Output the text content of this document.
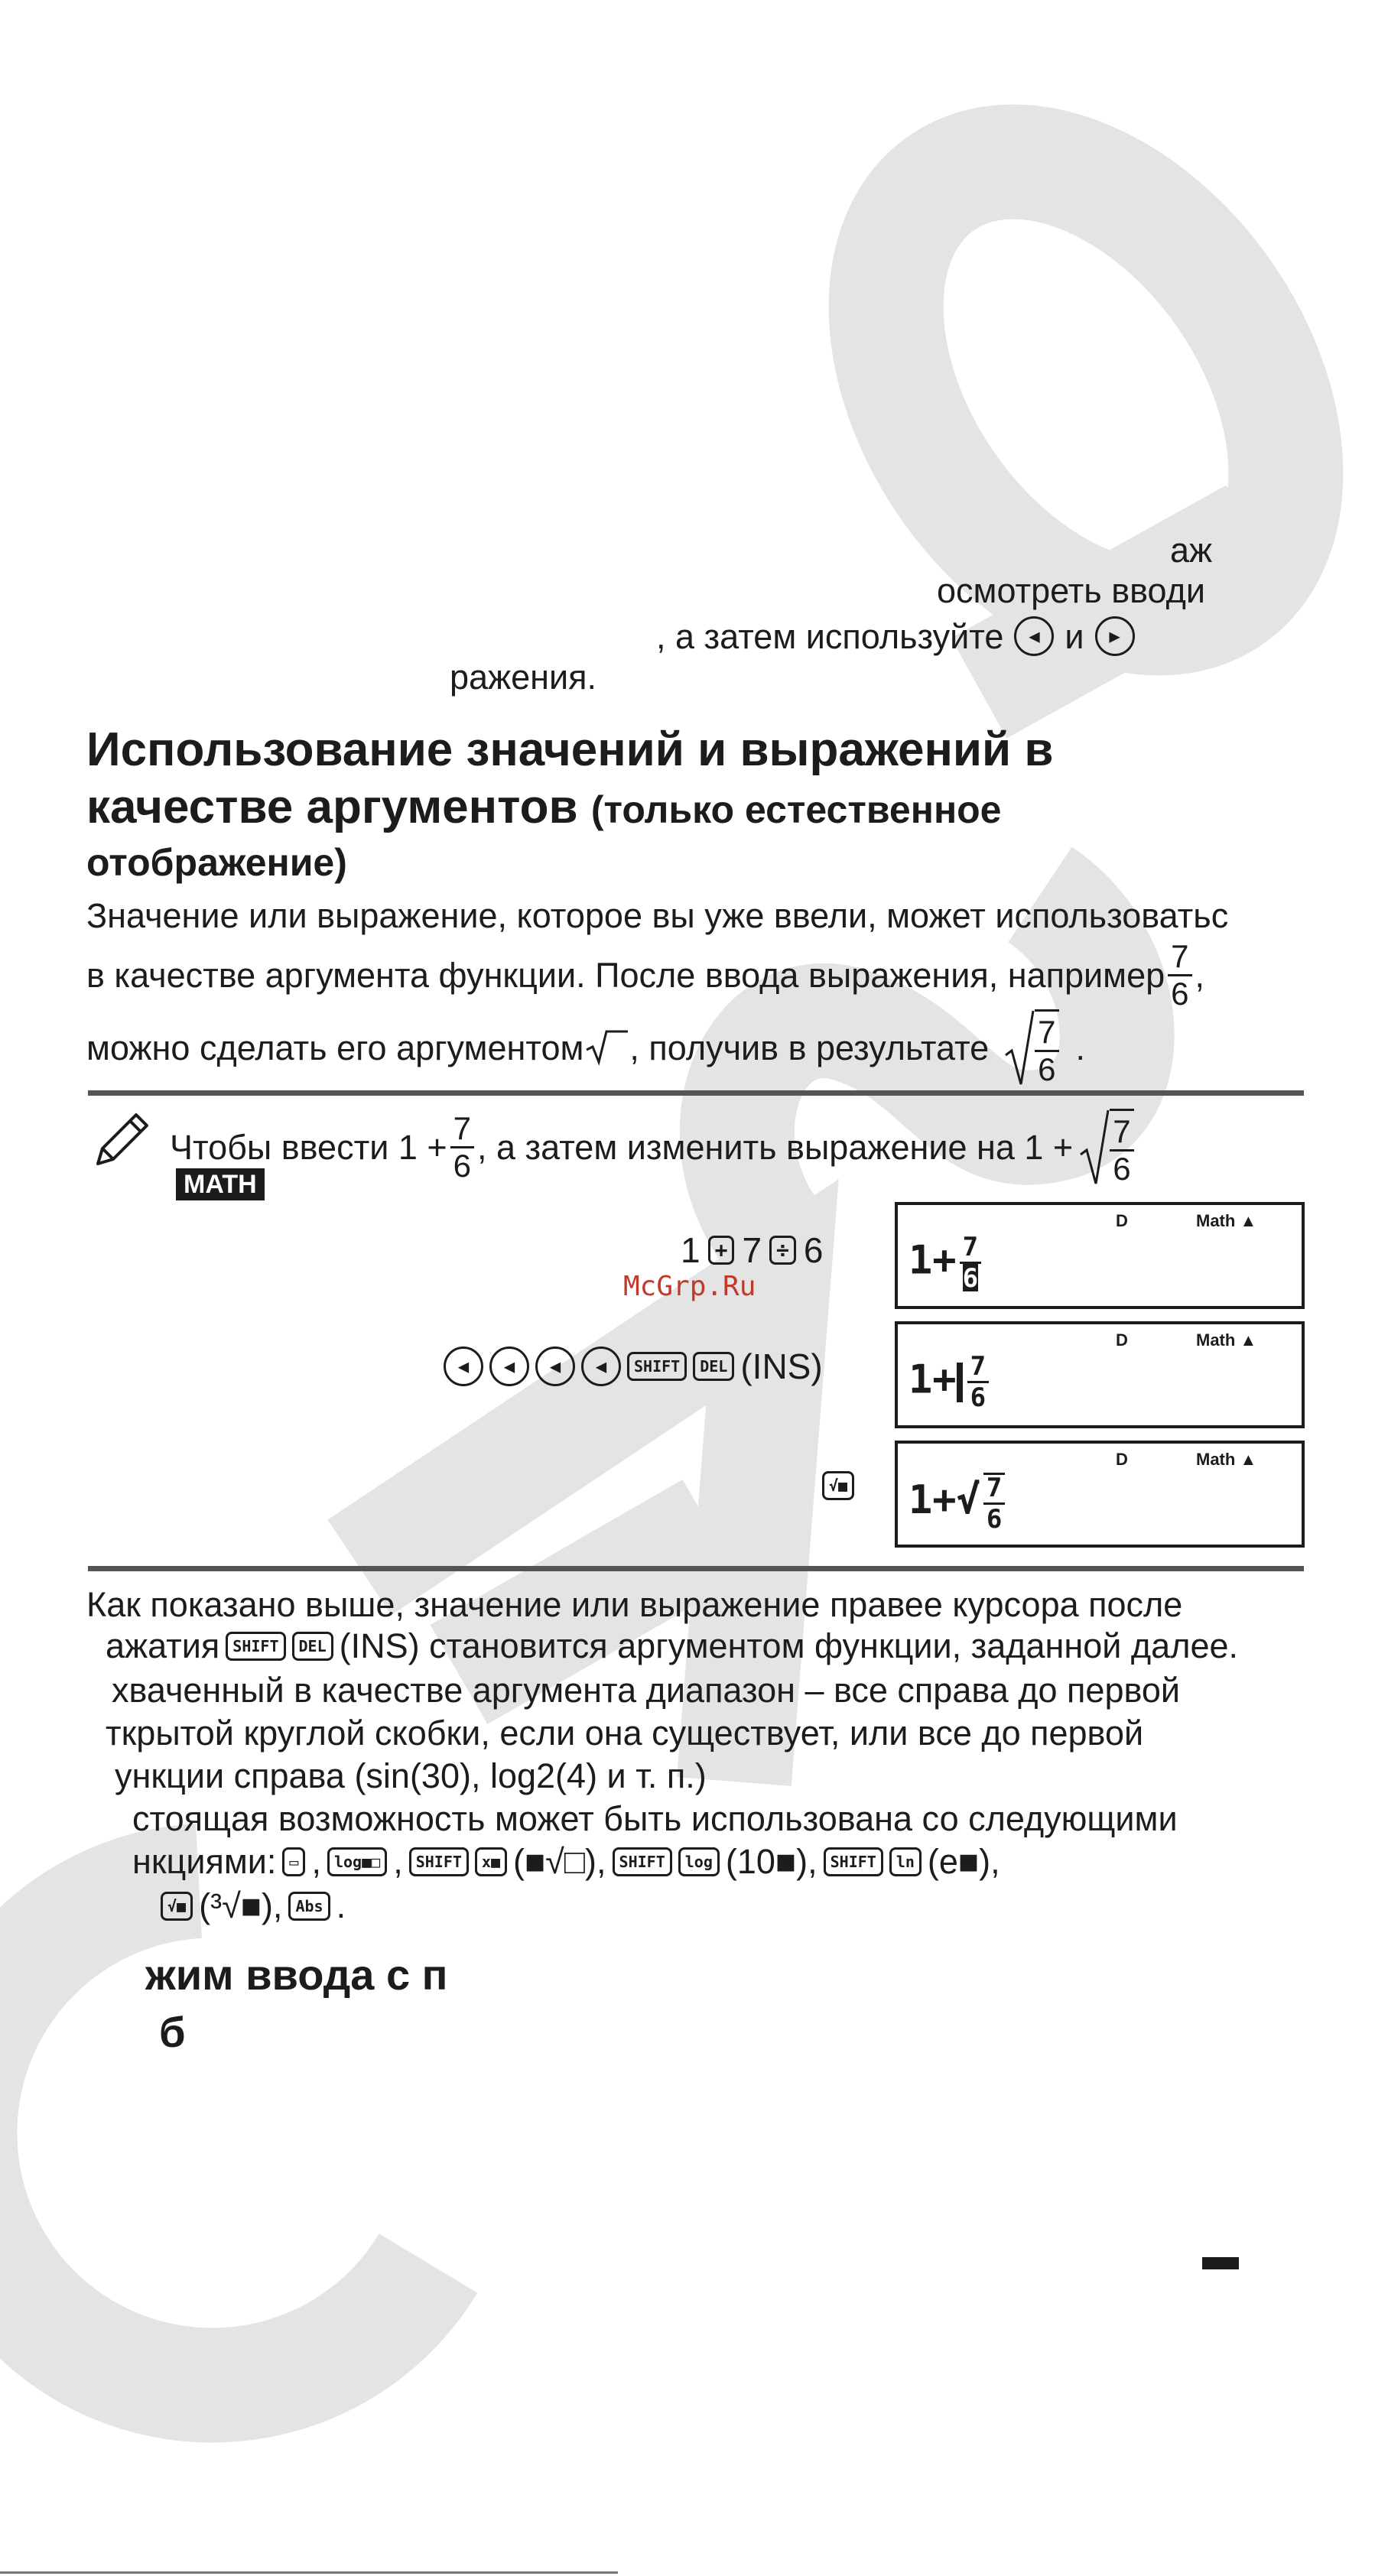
аж
осмотреть вводи
, а затем используйте	◀ и	▶
ражения.
Использование значений и выражений в
качестве аргументов (только естественное
отображение)
Значение или выражение, которое вы уже ввели, может использоватьс
в качестве аргумента функции. После ввода выражения, например $\frac{7}{6}$ ,
можно сделать его аргументом , получив в результате $\frac{7}{6}$ .
Чтобы ввести $1 + \frac{7}{6}$ , а затем изменить выражение на $1 + \frac{7}{6}$
MATH
1 + 7 ÷ 6
McGrp.Ru
D	Math ▲
$1+ \frac{7}{6}$
◀	◀	◀	◀	SHIFT	DEL (INS)
D	Math ▲
$1+ \frac{7}{6}$
√■
D	Math ▲
$1+√ \frac{7}{6}$
Как показано выше, значение или выражение правее курсора после
ажатия SHIFT	DEL (INS) становится аргументом функции, заданной далее.
хваченный в качестве аргумента диапазон – все справа до первой
ткрытой круглой скобки, если она существует, или все до первой
ункции справа (sin(30), log2(4) и т. п.)
стоящая возможность может быть использована со следующими
нкциями: ▭ , log■□ , SHIFT	x■ (■√□), SHIFT	log (10■), SHIFT	ln (e■),
√■ (³√■), Abs .
жим ввода с п
б
